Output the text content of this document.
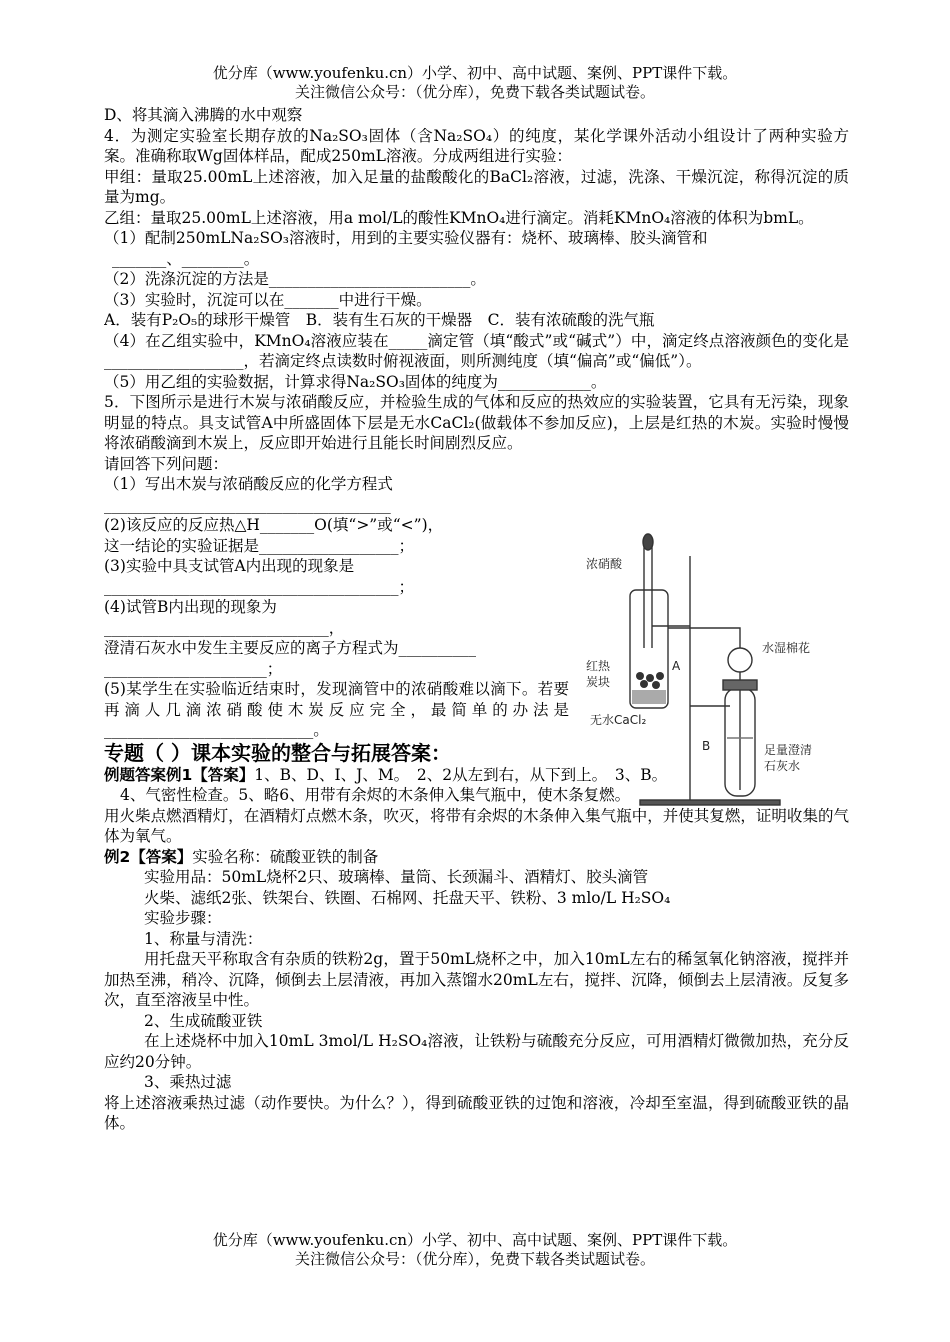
优分库（www.youfenku.cn）小学、初中、高中试题、案例、PPT课件下载。
关注微信公众号：（优分库），免费下载各类试题试卷。
D、将其滴入沸腾的水中观察
4．为测定实验室长期存放的Na₂SO₃固体（含Na₂SO₄）的纯度，某化学课外活动小组设计了两种实验方案。准确称取Wg固体样品，配成250mL溶液。分成两组进行实验：
甲组：量取25.00mL上述溶液，加入足量的盐酸酸化的BaCl₂溶液，过滤，洗涤、干燥沉淀，称得沉淀的质量为mg。
乙组：量取25.00mL上述溶液，用a mol/L的酸性KMnO₄进行滴定。消耗KMnO₄溶液的体积为bmL。
（1）配制250mLNa₂SO₃溶液时，用到的主要实验仪器有：烧杯、玻璃棒、胶头滴管和
_______、________。
（2）洗涤沉淀的方法是__________________________。
（3）实验时，沉淀可以在_______中进行干燥。
A．装有P₂O₅的球形干燥管　B．装有生石灰的干燥器　C．装有浓硫酸的洗气瓶
（4）在乙组实验中，KMnO₄溶液应装在_____滴定管（填“酸式”或“碱式”）中，滴定终点溶液颜色的变化是__________________，若滴定终点读数时俯视液面，则所测纯度（填“偏高”或“偏低”）。
（5）用乙组的实验数据，计算求得Na₂SO₃固体的纯度为____________。
5．下图所示是进行木炭与浓硝酸反应，并检验生成的气体和反应的热效应的实验装置，它具有无污染，现象明显的特点。具支试管A中所盛固体下层是无水CaCl₂(做载体不参加反应)，上层是红热的木炭。实验时慢慢将浓硝酸滴到木炭上，反应即开始进行且能长时间剧烈反应。
请回答下列问题：
（1）写出木炭与浓硝酸反应的化学方程式
_____________________________________
(2)该反应的反应热△H_______O(填“>”或“<”)，
这一结论的实验证据是__________________；
(3)实验中具支试管A内出现的现象是
______________________________________；
(4)试管B内出现的现象为
_____________________________，
澄清石灰水中发生主要反应的离子方程式为__________
_____________________；
(5)某学生在实验临近结束时，发现滴管中的浓硝酸难以滴下。若要再滴人几滴浓硝酸使木炭反应完全，最简单的办法是___________________________。
专题（ ）课本实验的整合与拓展答案：
例题答案例1【答案】1、B、D、I、J、M。　2、2从左到右，从下到上。　3、B。
4、气密性检查。5、略6、用带有余烬的木条伸入集气瓶中，使木条复燃。
用火柴点燃酒精灯，在酒精灯点燃木条，吹灭，将带有余烬的木条伸入集气瓶中，并使其复燃，证明收集的气体为氧气。
例2【答案】实验名称：硫酸亚铁的制备
实验用品：50mL烧杯2只、玻璃棒、量筒、长颈漏斗、酒精灯、胶头滴管
火柴、滤纸2张、铁架台、铁圈、石棉网、托盘天平、铁粉、3 mlo/L H₂SO₄
实验步骤：
1、称量与清洗：
用托盘天平称取含有杂质的铁粉2g，置于50mL烧杯之中，加入10mL左右的稀氢氧化钠溶液，搅拌并加热至沸，稍冷、沉降，倾倒去上层清液，再加入蒸馏水20mL左右，搅拌、沉降，倾倒去上层清液。反复多次，直至溶液呈中性。
2、生成硫酸亚铁
在上述烧杯中加入10mL 3mol/L H₂SO₄溶液，让铁粉与硫酸充分反应，可用酒精灯微微加热，充分反应约20分钟。
3、乘热过滤
将上述溶液乘热过滤（动作要快。为什么？），得到硫酸亚铁的过饱和溶液，冷却至室温，得到硫酸亚铁的晶体。
浓硝酸
水湿棉花
红热
炭块
A
无水CaCl₂
B	足量澄清
石灰水
优分库（www.youfenku.cn）小学、初中、高中试题、案例、PPT课件下载。
关注微信公众号：（优分库），免费下载各类试题试卷。
